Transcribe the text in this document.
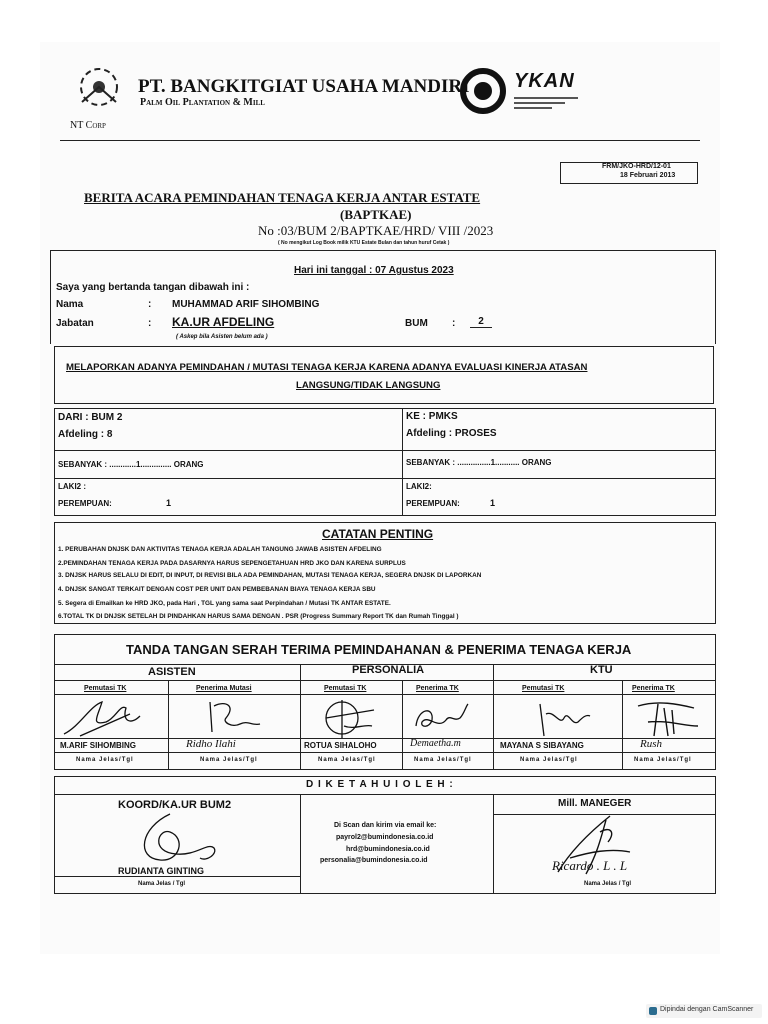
PT. BANGKITGIAT USAHA MANDIRI
Palm Oil Plantation & Mill
NT Corp
YKAN
FRM/JKO-HRD/12-01
18 Februari 2013
BERITA ACARA PEMINDAHAN TENAGA KERJA ANTAR ESTATE
(BAPTKAE)
No :03/BUM 2/BAPTKAE/HRD/ VIII /2023
( No mengikut Log Book milik KTU Estate Bulan dan tahun huruf Cetak )
Hari ini tanggal : 07 Agustus 2023
Saya yang bertanda tangan dibawah ini :
Nama	: MUHAMMAD ARIF SIHOMBING
Jabatan	: KA.UR AFDELING
( Askep bila Asisten belum ada )
BUM :	2
MELAPORKAN ADANYA PEMINDAHAN / MUTASI TENAGA KERJA KARENA ADANYA EVALUASI KINERJA ATASAN
LANGSUNG/TIDAK LANGSUNG
DARI : BUM 2
Afdeling : 8
KE : PMKS
Afdeling : PROSES
SEBANYAK : ............1.............. ORANG	SEBANYAK : ...............1........... ORANG
LAKI2 :	LAKI2:
PEREMPUAN:	1	PEREMPUAN:	1
CATATAN PENTING
1. PERUBAHAN DNJSK DAN AKTIVITAS TENAGA KERJA ADALAH TANGUNG JAWAB ASISTEN AFDELING
2.PEMINDAHAN TENAGA KERJA PADA DASARNYA HARUS SEPENGETAHUAN HRD JKO DAN KARENA SURPLUS
3. DNJSK HARUS SELALU DI EDIT, DI INPUT, DI REVISI BILA ADA PEMINDAHAN, MUTASI TENAGA KERJA, SEGERA DNJSK DI LAPORKAN
4. DNJSK SANGAT TERKAIT DENGAN COST PER UNIT DAN PEMBEBANAN BIAYA TENAGA KERJA SBU
5. Segera di Emailkan ke HRD JKO, pada Hari , TGL yang sama saat Perpindahan / Mutasi TK ANTAR ESTATE.
6.TOTAL TK DI DNJSK SETELAH DI PINDAHKAN HARUS SAMA DENGAN . PSR (Progress Summary Report TK dan Rumah Tinggal )
TANDA TANGAN SERAH TERIMA PEMINDAHANAN & PENERIMA TENAGA KERJA
ASISTEN	PERSONALIA	KTU
Pemutasi TK	Penerima Mutasi	Pemutasi TK	Penerima TK	Pemutasi TK	Penerima TK
M.ARIF SIHOMBING	Ridho Ilahi	ROTUA SIHALOHO	Demaetha.m	MAYANA S SIBAYANG	Rush
Nama Jelas/Tgl	Nama Jelas/Tgl	Nama Jelas/Tgl	Nama Jelas/Tgl	Nama Jelas/Tgl	Nama Jelas/Tgl
D I K E T A H U I O L E H :
KOORD/KA.UR BUM2
RUDIANTA GINTING
Nama Jelas / Tgl
Di Scan dan kirim via email ke:
payrol2@bumindonesia.co.id
hrd@bumindonesia.co.id
personalia@bumindonesia.co.id
Mill. MANEGER
Ricardo . L . L
Nama Jelas / Tgl
Dipindai dengan CamScanner
